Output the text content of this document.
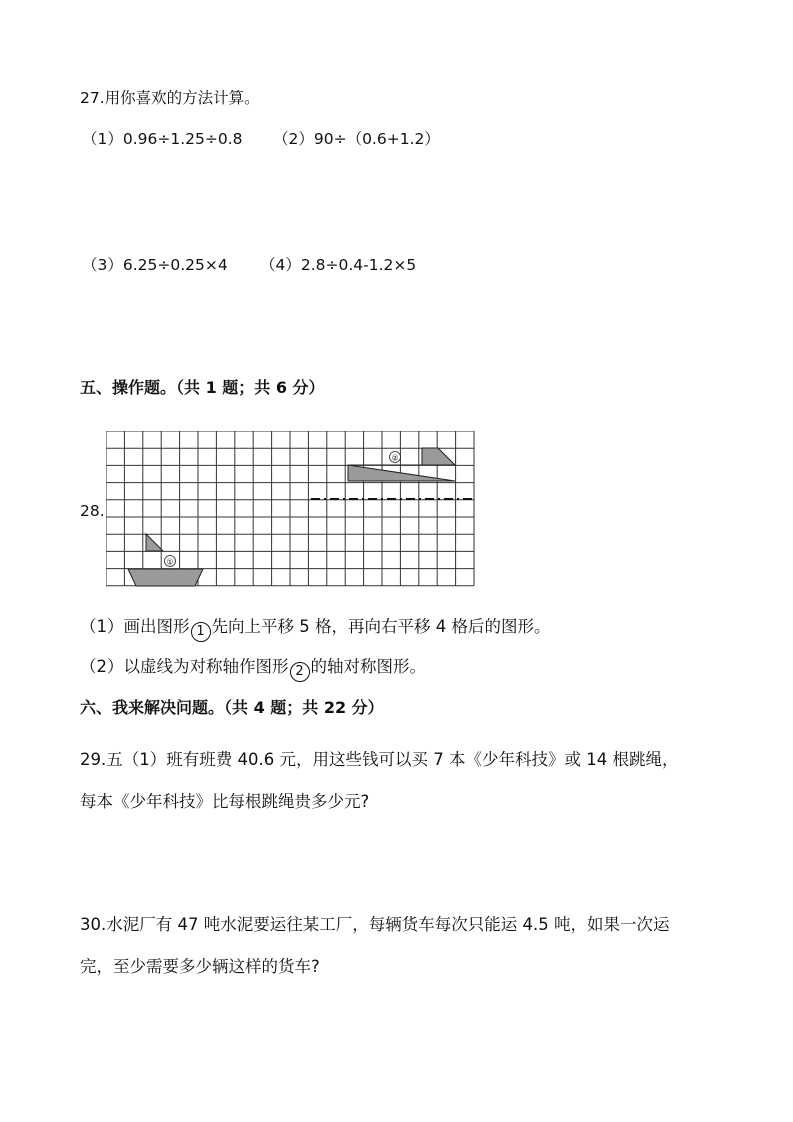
27.用你喜欢的方法计算。
（1）0.96÷1.25÷0.8 （2）90÷（0.6+1.2）
（3）6.25÷0.25×4 （4）2.8÷0.4-1.2×5
五、操作题。（共 1 题；共 6 分）
28.
①
②
（1）画出图形 1 先向上平移 5 格，再向右平移 4 格后的图形。
（2）以虚线为对称轴作图形 2 的轴对称图形。
六、我来解决问题。（共 4 题；共 22 分）
29.五（1）班有班费 40.6 元，用这些钱可以买 7 本《少年科技》或 14 根跳绳，
每本《少年科技》比每根跳绳贵多少元?
30.水泥厂有 47 吨水泥要运往某工厂，每辆货车每次只能运 4.5 吨，如果一次运
完，至少需要多少辆这样的货车?
